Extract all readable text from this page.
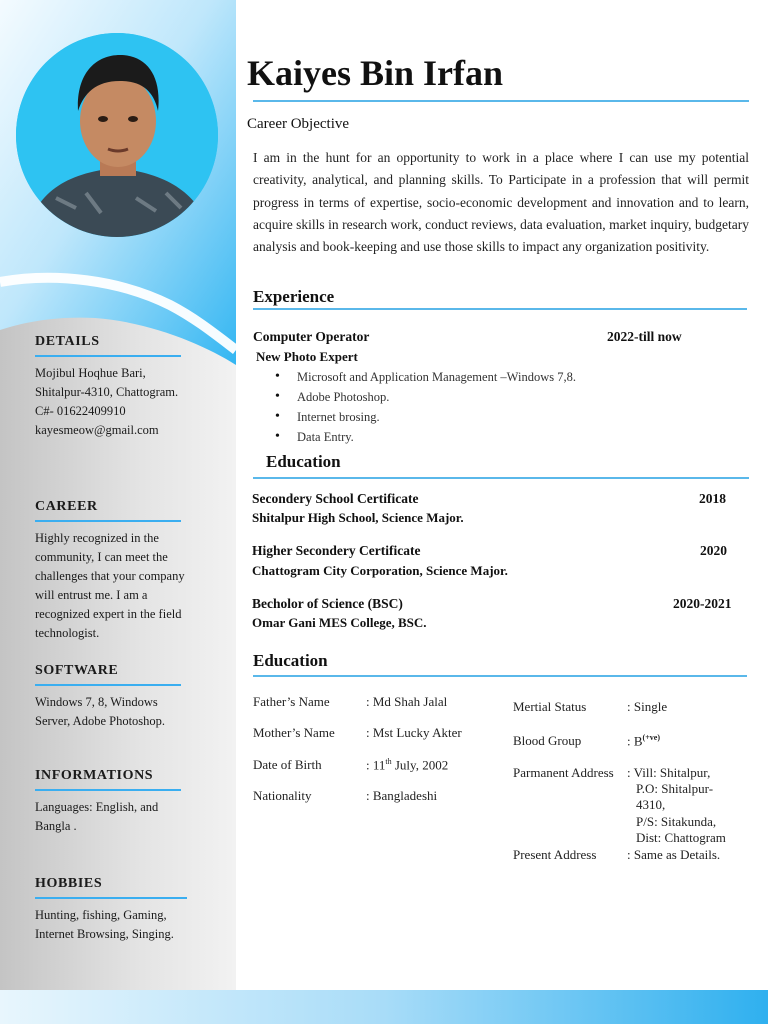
DETAILS
Mojibul Hoqhue Bari,
Shitalpur-4310, Chattogram.
C#- 01622409910
kayesmeow@gmail.com
CAREER
Highly recognized in the community, I can meet the challenges that your company will entrust me. I am a recognized expert in the field technologist.
SOFTWARE
Windows 7, 8, Windows Server, Adobe Photoshop.
INFORMATIONS
Languages: English, and Bangla .
HOBBIES
Hunting, fishing, Gaming, Internet Browsing, Singing.
Kaiyes Bin Irfan
Career Objective
I am in the hunt for an opportunity to work in a place where I can use my potential creativity, analytical, and planning skills. To Participate in a profession that will permit progress in terms of expertise, socio-economic development and innovation and to learn, acquire skills in research work, conduct reviews, data evaluation, market inquiry, budgetary analysis and book-keeping and use those skills to impact any organization positivity.
Experience
Computer Operator	2022-till now
New Photo Expert
• Microsoft and Application Management –Windows 7,8.
• Adobe Photoshop.
• Internet brosing.
• Data Entry.
Education
Secondery School Certificate	2018
Shitalpur High School, Science Major.
Higher Secondery Certificate	2020
Chattogram City Corporation, Science Major.
Becholor of Science (BSC)	2020-2021
Omar Gani MES College, BSC.
Education
Father’s Name	: Md Shah Jalal
Mother’s Name : Mst Lucky Akter
Date of Birth	: 11th July, 2002
Nationality	: Bangladeshi
Mertial Status	: Single
Blood Group	: $B^{(+ve)}$
Parmanent Address : Vill: Shitalpur,
P.O: Shitalpur-
4310,
P/S: Sitakunda,
Dist: Chattogram
Present Address : Same as Details.
